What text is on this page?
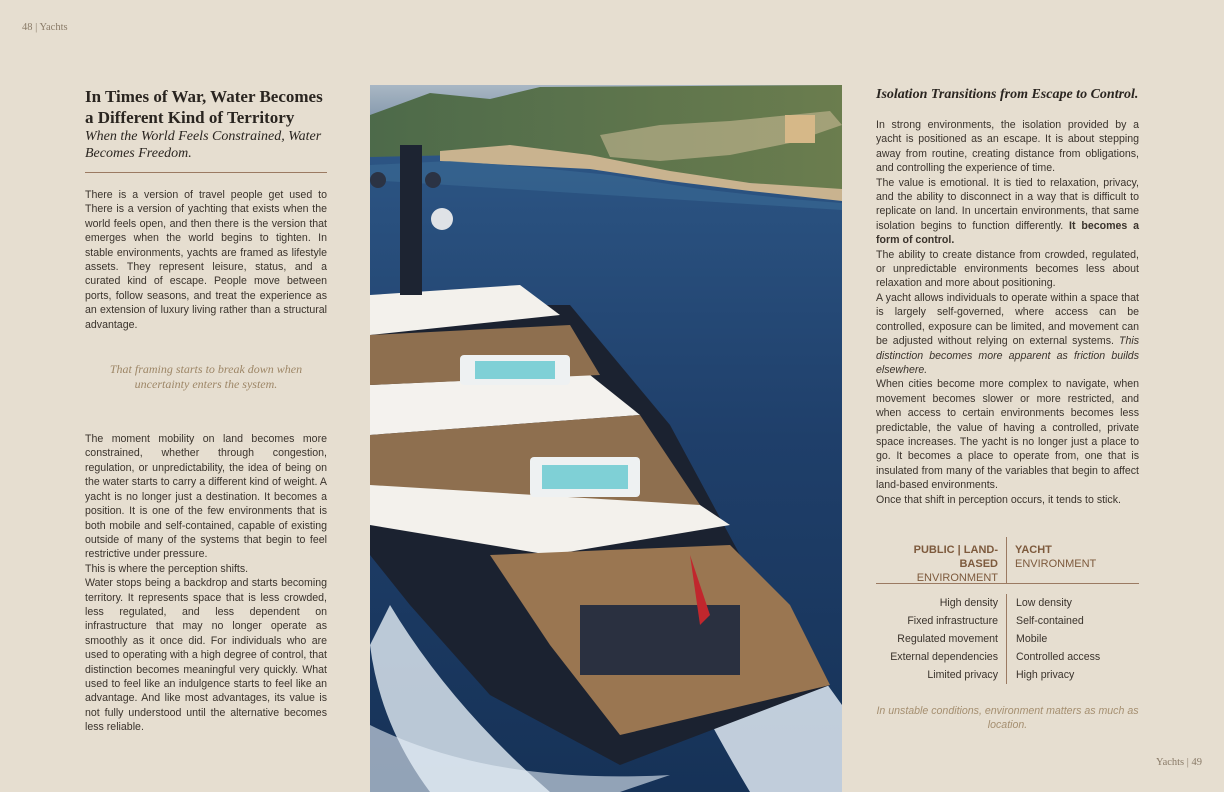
48 | Yachts
In Times of War, Water Becomes a Different Kind of Territory

When the World Feels Constrained, Water Becomes Freedom.

There is a version of travel people get used to There is a version of yachting that exists when the world feels open, and then there is the version that emerges when the world begins to tighten. In stable environments, yachts are framed as lifestyle assets. They represent leisure, status, and a curated kind of escape. People move between ports, follow seasons, and treat the experience as an extension of luxury living rather than a structural advantage.

That framing starts to break down when uncertainty enters the system.

The moment mobility on land becomes more constrained, whether through congestion, regulation, or unpredictability, the idea of being on the water starts to carry a different kind of weight. A yacht is no longer just a destination. It becomes a position. It is one of the few environments that is both mobile and self-contained, capable of existing outside of many of the systems that begin to feel restrictive under pressure.

This is where the perception shifts.

Water stops being a backdrop and starts becoming territory. It represents space that is less crowded, less regulated, and less dependent on infrastructure that may no longer operate as smoothly as it once did. For individuals who are used to operating with a high degree of control, that distinction becomes meaningful very quickly. What used to feel like an indulgence starts to feel like an advantage. And like most advantages, its value is not fully understood until the alternative becomes less reliable.

Isolation Transitions from Escape to Control.

In strong environments, the isolation provided by a yacht is positioned as an escape. It is about stepping away from routine, creating distance from obligations, and controlling the experience of time.

The value is emotional. It is tied to relaxation, privacy, and the ability to disconnect in a way that is difficult to replicate on land. In uncertain environments, that same isolation begins to function differently. It becomes a form of control.

The ability to create distance from crowded, regulated, or unpredictable environments becomes less about relaxation and more about positioning.

A yacht allows individuals to operate within a space that is largely self-governed, where access can be controlled, exposure can be limited, and movement can be adjusted without relying on external systems. This distinction becomes more apparent as friction builds elsewhere.

When cities become more complex to navigate, when movement becomes slower or more restricted, and when access to certain environments becomes less predictable, the value of having a controlled, private space increases. The yacht is no longer just a place to go. It becomes a place to operate from, one that is insulated from many of the variables that begin to affect land-based environments.

Once that shift in perception occurs, it tends to stick.

PUBLIC | LAND-BASED
ENVIRONMENT
YACHT
ENVIRONMENT
High density
Fixed infrastructure
Regulated movement
External dependencies
Limited privacy
Low density
Self-contained
Mobile
Controlled access
High privacy
In unstable conditions, environment matters as much as location.
Yachts | 49
